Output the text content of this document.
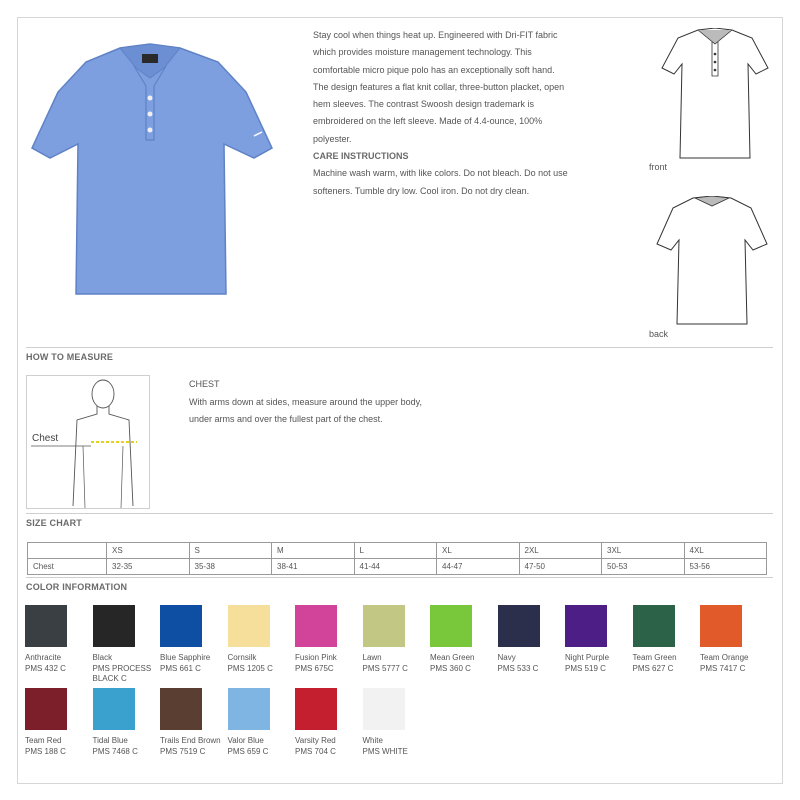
Stay cool when things heat up. Engineered with Dri-FIT fabric which provides moisture management technology. This comfortable micro pique polo has an exceptionally soft hand. The design features a flat knit collar, three-button placket, open hem sleeves. The contrast Swoosh design trademark is embroidered on the left sleeve. Made of 4.4-ounce, 100% polyester.
CARE INSTRUCTIONS
Machine wash warm, with like colors. Do not bleach. Do not use softeners. Tumble dry low. Cool iron. Do not dry clean.
front
back
HOW TO MEASURE
Chest
CHEST
With arms down at sides, measure around the upper body,
under arms and over the fullest part of the chest.
SIZE CHART
	XS	S	M	L	XL	2XL	3XL	4XL
Chest	32-35	35-38	38-41	41-44	44-47	47-50	50-53	53-56
COLOR INFORMATION
Anthracite
PMS 432 C
Black
PMS PROCESS BLACK C
Blue Sapphire
PMS 661 C
Cornsilk
PMS 1205 C
Fusion Pink
PMS 675C
Lawn
PMS 5777 C
Mean Green
PMS 360 C
Navy
PMS 533 C
Night Purple
PMS 519 C
Team Green
PMS 627 C
Team Orange
PMS 7417 C
Team Red
PMS 188 C
Tidal Blue
PMS 7468 C
Trails End Brown
PMS 7519 C
Valor Blue
PMS 659 C
Varsity Red
PMS 704 C
White
PMS WHITE
